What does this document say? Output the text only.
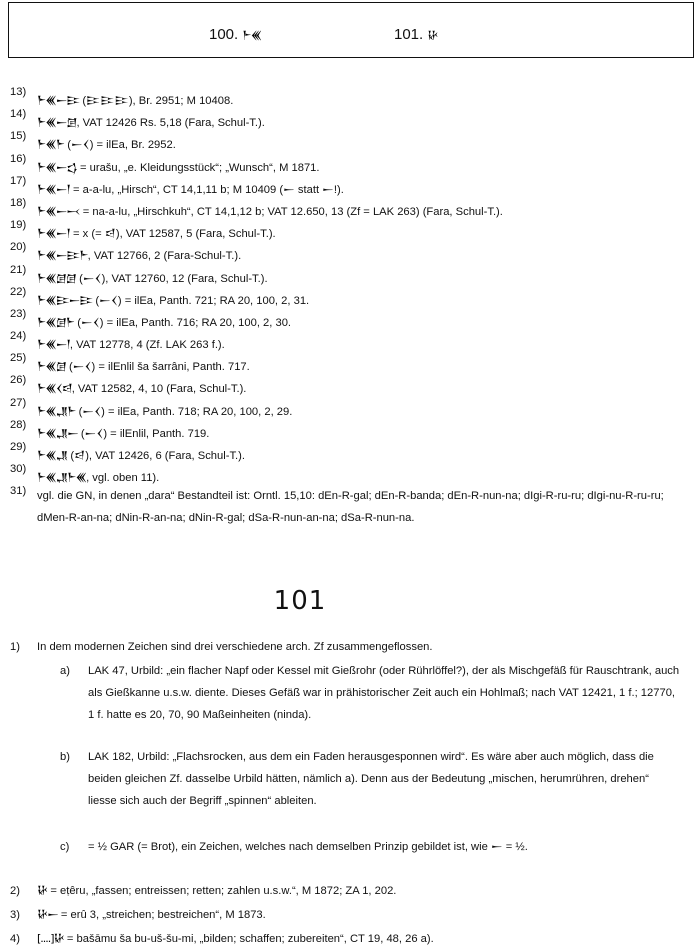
100. 𒈨𒌍	101. 𒄩
13)
𒈨𒌍𒀸𒄿 (𒄿𒄿𒄿), Br. 2951; M 10408.
14)
𒈨𒌍𒀸𒌆, VAT 12426 Rs. 5,18 (Fara, Schul-T.).
15)
𒈨𒌍𒈨 (𒀸𒌋) = ilEa, Br. 2952.
16)
𒈨𒌍𒀸𒌓 = urašu, „e. Kleidungsstück“; „Wunsch“, M 1871.
17)
𒈨𒌍𒀸𒁹 = a-a-lu, „Hirsch“, CT 14,1,11 b; M 10409 (𒀸 statt 𒀸!).
18)
𒈨𒌍𒀸𒁁 = na-a-lu, „Hirschkuh“, CT 14,1,12 b; VAT 12.650, 13 (Zf = LAK 263) (Fara, Schul-T.).
19)
𒈨𒌍𒀸𒁹 = x (= 𒁀), VAT 12587, 5 (Fara, Schul-T.).
20)
𒈨𒌍𒀸𒄿𒈨, VAT 12766, 2 (Fara-Schul-T.).
21)
𒈨𒌍𒌆𒌆 (𒀸𒌋), VAT 12760, 12 (Fara, Schul-T.).
22)
𒈨𒌍𒄿𒀸𒄿 (𒀸𒌋) = ilEa, Panth. 721; RA 20, 100, 2, 31.
23)
𒈨𒌍𒌆𒈨 (𒀸𒌋) = ilEa, Panth. 716; RA 20, 100, 2, 30.
24)
𒈨𒌍𒀸𒁹, VAT 12778, 4 (Zf. LAK 263 f.).
25)
𒈨𒌍𒌆 (𒀸𒌋) = ilEnlil ša šarrâni, Panth. 717.
26)
𒈨𒌍𒌋𒁀, VAT 12582, 4, 10 (Fara, Schul-T.).
27)
𒈨𒌍𒂗𒈨 (𒀸𒌋) = ilEa, Panth. 718; RA 20, 100, 2, 29.
28)
𒈨𒌍𒂗𒀸 (𒀸𒌋) = ilEnlil, Panth. 719.
29)
𒈨𒌍𒂗 (𒁀), VAT 12426, 6 (Fara, Schul-T.).
30)
𒈨𒌍𒂗𒈨𒌍, vgl. oben 11).
31) vgl. die GN, in denen „dara“ Bestandteil ist: Orntl. 15,10: dEn-R-gal; dEn-R-banda; dEn-R-nun-na; dIgi-R-ru-ru; dIgi-nu-R-ru-ru; dMen-R-an-na; dNin-R-an-na; dNin-R-gal; dSa-R-nun-an-na; dSa-R-nun-na.
101
1) In dem modernen Zeichen sind drei verschiedene arch. Zf zusammengeflossen.
a)	LAK 47, Urbild: „ein flacher Napf oder Kessel mit Gießrohr (oder Rührlöffel?), der als Mischgefäß für Rauschtrank, auch als Gießkanne u.s.w. diente. Dieses Gefäß war in prähistorischer Zeit auch ein Hohlmaß; nach VAT 12421, 1 f.; 12770, 1 f. hatte es 20, 70, 90 Maßeinheiten (ninda).
b)	LAK 182, Urbild: „Flachsrocken, aus dem ein Faden herausgesponnen wird“. Es wäre aber auch möglich, dass die beiden gleichen Zf. dasselbe Urbild hätten, nämlich a). Denn aus der Bedeutung „mischen, herumrühren, drehen“ liesse sich auch der Begriff „spinnen“ ableiten.
c)	= ½ GAR (= Brot), ein Zeichen, welches nach demselben Prinzip gebildet ist, wie 𒀸 = ½.
2)	𒄩 = eṭêru, „fassen; entreissen; retten; zahlen u.s.w.“, M 1872; ZA 1, 202.
3)	𒄩𒀸 = erû 3, „streichen; bestreichen“, M 1873.
4)	[....]𒄩 = bašāmu ša bu-uš-šu-mi, „bilden; schaffen; zubereiten“, CT 19, 48, 26 a).
